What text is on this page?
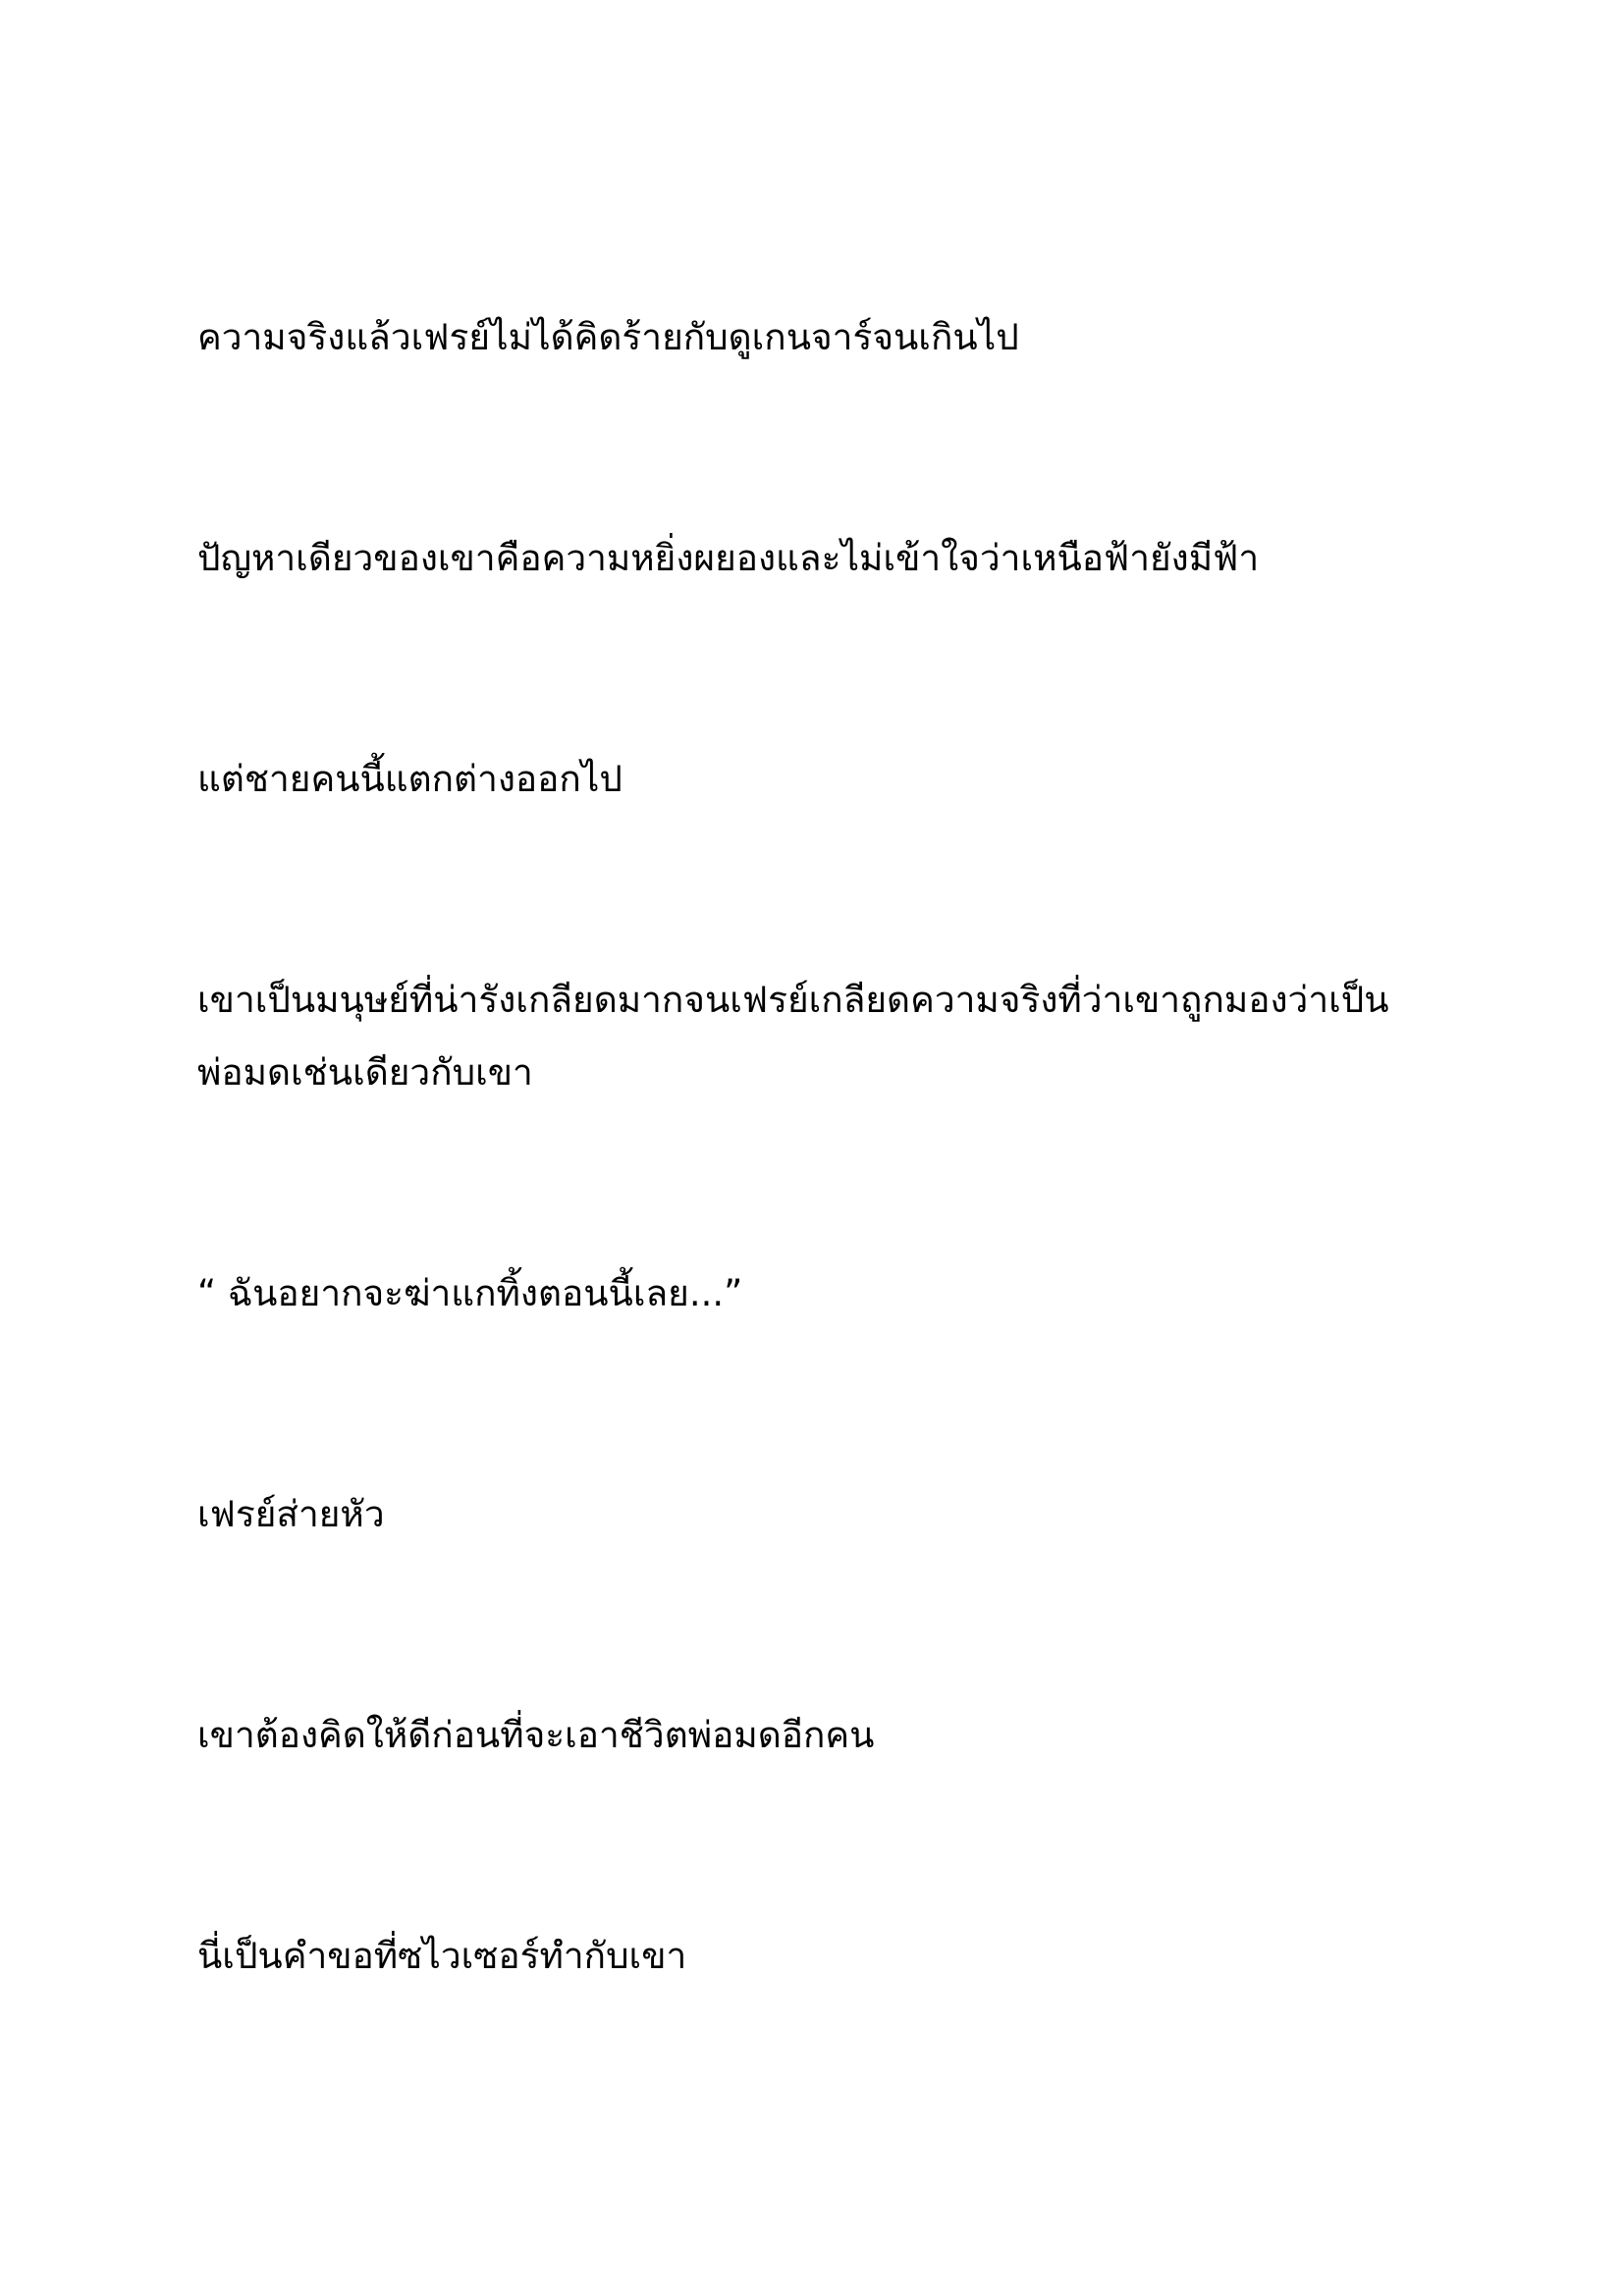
ความจริงแล้วเฟรย์ไม่ได้คิดร้ายกับดูเกนจาร์จนเกินไป

ปัญหาเดียวของเขาคือความหยิ่งผยองและไม่เข้าใจว่าเหนือฟ้ายังมีฟ้า

แต่ชายคนนี้แตกต่างออกไป

เขาเป็นมนุษย์ที่น่ารังเกลียดมากจนเฟรย์เกลียดความจริงที่ว่าเขาถูกมองว่าเป็นพ่อมดเช่นเดียวกับเขา

“ ฉันอยากจะฆ่าแกทิ้งตอนนี้เลย...”

เฟรย์ส่ายหัว

เขาต้องคิดให้ดีก่อนที่จะเอาชีวิตพ่อมดอีกคน

นี่เป็นคำขอที่ซไวเซอร์ทำกับเขา
